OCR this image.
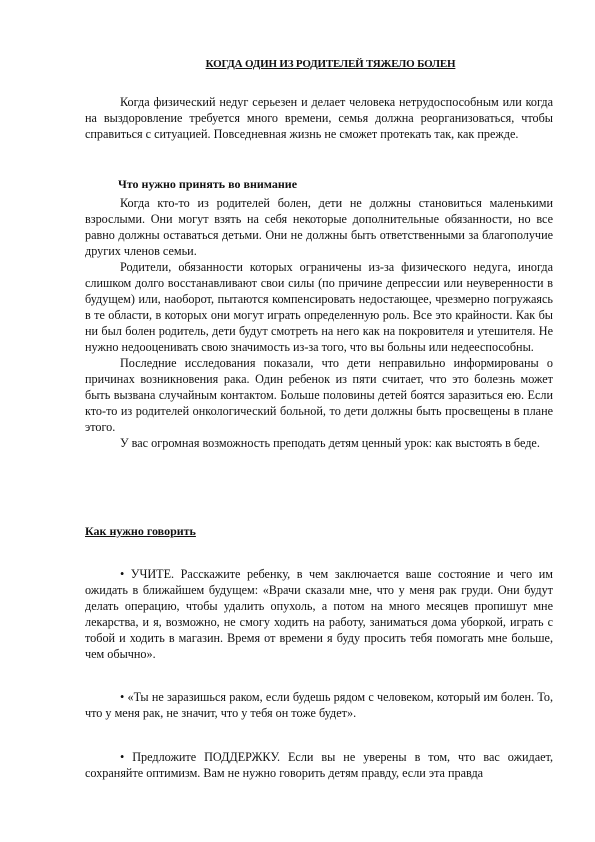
КОГДА ОДИН ИЗ РОДИТЕЛЕЙ ТЯЖЕЛО БОЛЕН

Когда физический недуг серьезен и делает человека нетрудоспособным или когда на выздоровление требуется много времени, семья должна реорганизоваться, чтобы справиться с ситуацией. Повседневная жизнь не сможет протекать так, как прежде.

Что нужно принять во внимание

Когда кто-то из родителей болен, дети не должны становиться маленькими взрослыми. Они могут взять на себя некоторые дополнительные обязанности, но все равно должны оставаться детьми. Они не должны быть ответственными за благополучие других членов семьи.

Родители, обязанности которых ограничены из-за физического недуга, иногда слишком долго восстанавливают свои силы (по причине депрессии или неуверенности в будущем) или, наоборот, пытаются компенсировать недостающее, чрезмерно погружаясь в те области, в которых они могут играть определенную роль. Все это крайности. Как бы ни был болен родитель, дети будут смотреть на него как на покровителя и утешителя. Не нужно недооценивать свою значимость из-за того, что вы больны или недееспособны.

Последние исследования показали, что дети неправильно информированы о причинах возникновения рака. Один ребенок из пяти считает, что это болезнь может быть вызвана случайным контактом. Больше половины детей боятся заразиться ею. Если кто-то из родителей онкологический больной, то дети должны быть просвещены в плане этого.

У вас огромная возможность преподать детям ценный урок: как выстоять в беде.

Как нужно говорить

• УЧИТЕ. Расскажите ребенку, в чем заключается ваше состояние и чего им ожидать в ближайшем будущем: «Врачи сказали мне, что у меня рак груди. Они будут делать операцию, чтобы удалить опухоль, а потом на много месяцев пропишут мне лекарства, и я, возможно, не смогу ходить на работу, заниматься дома уборкой, играть с тобой и ходить в магазин. Время от времени я буду просить тебя помогать мне больше, чем обычно».

• «Ты не заразишься раком, если будешь рядом с человеком, который им болен. То, что у меня рак, не значит, что у тебя он тоже будет».

• Предложите ПОДДЕРЖКУ. Если вы не уверены в том, что вас ожидает, сохраняйте оптимизм. Вам не нужно говорить детям правду, если эта правда
